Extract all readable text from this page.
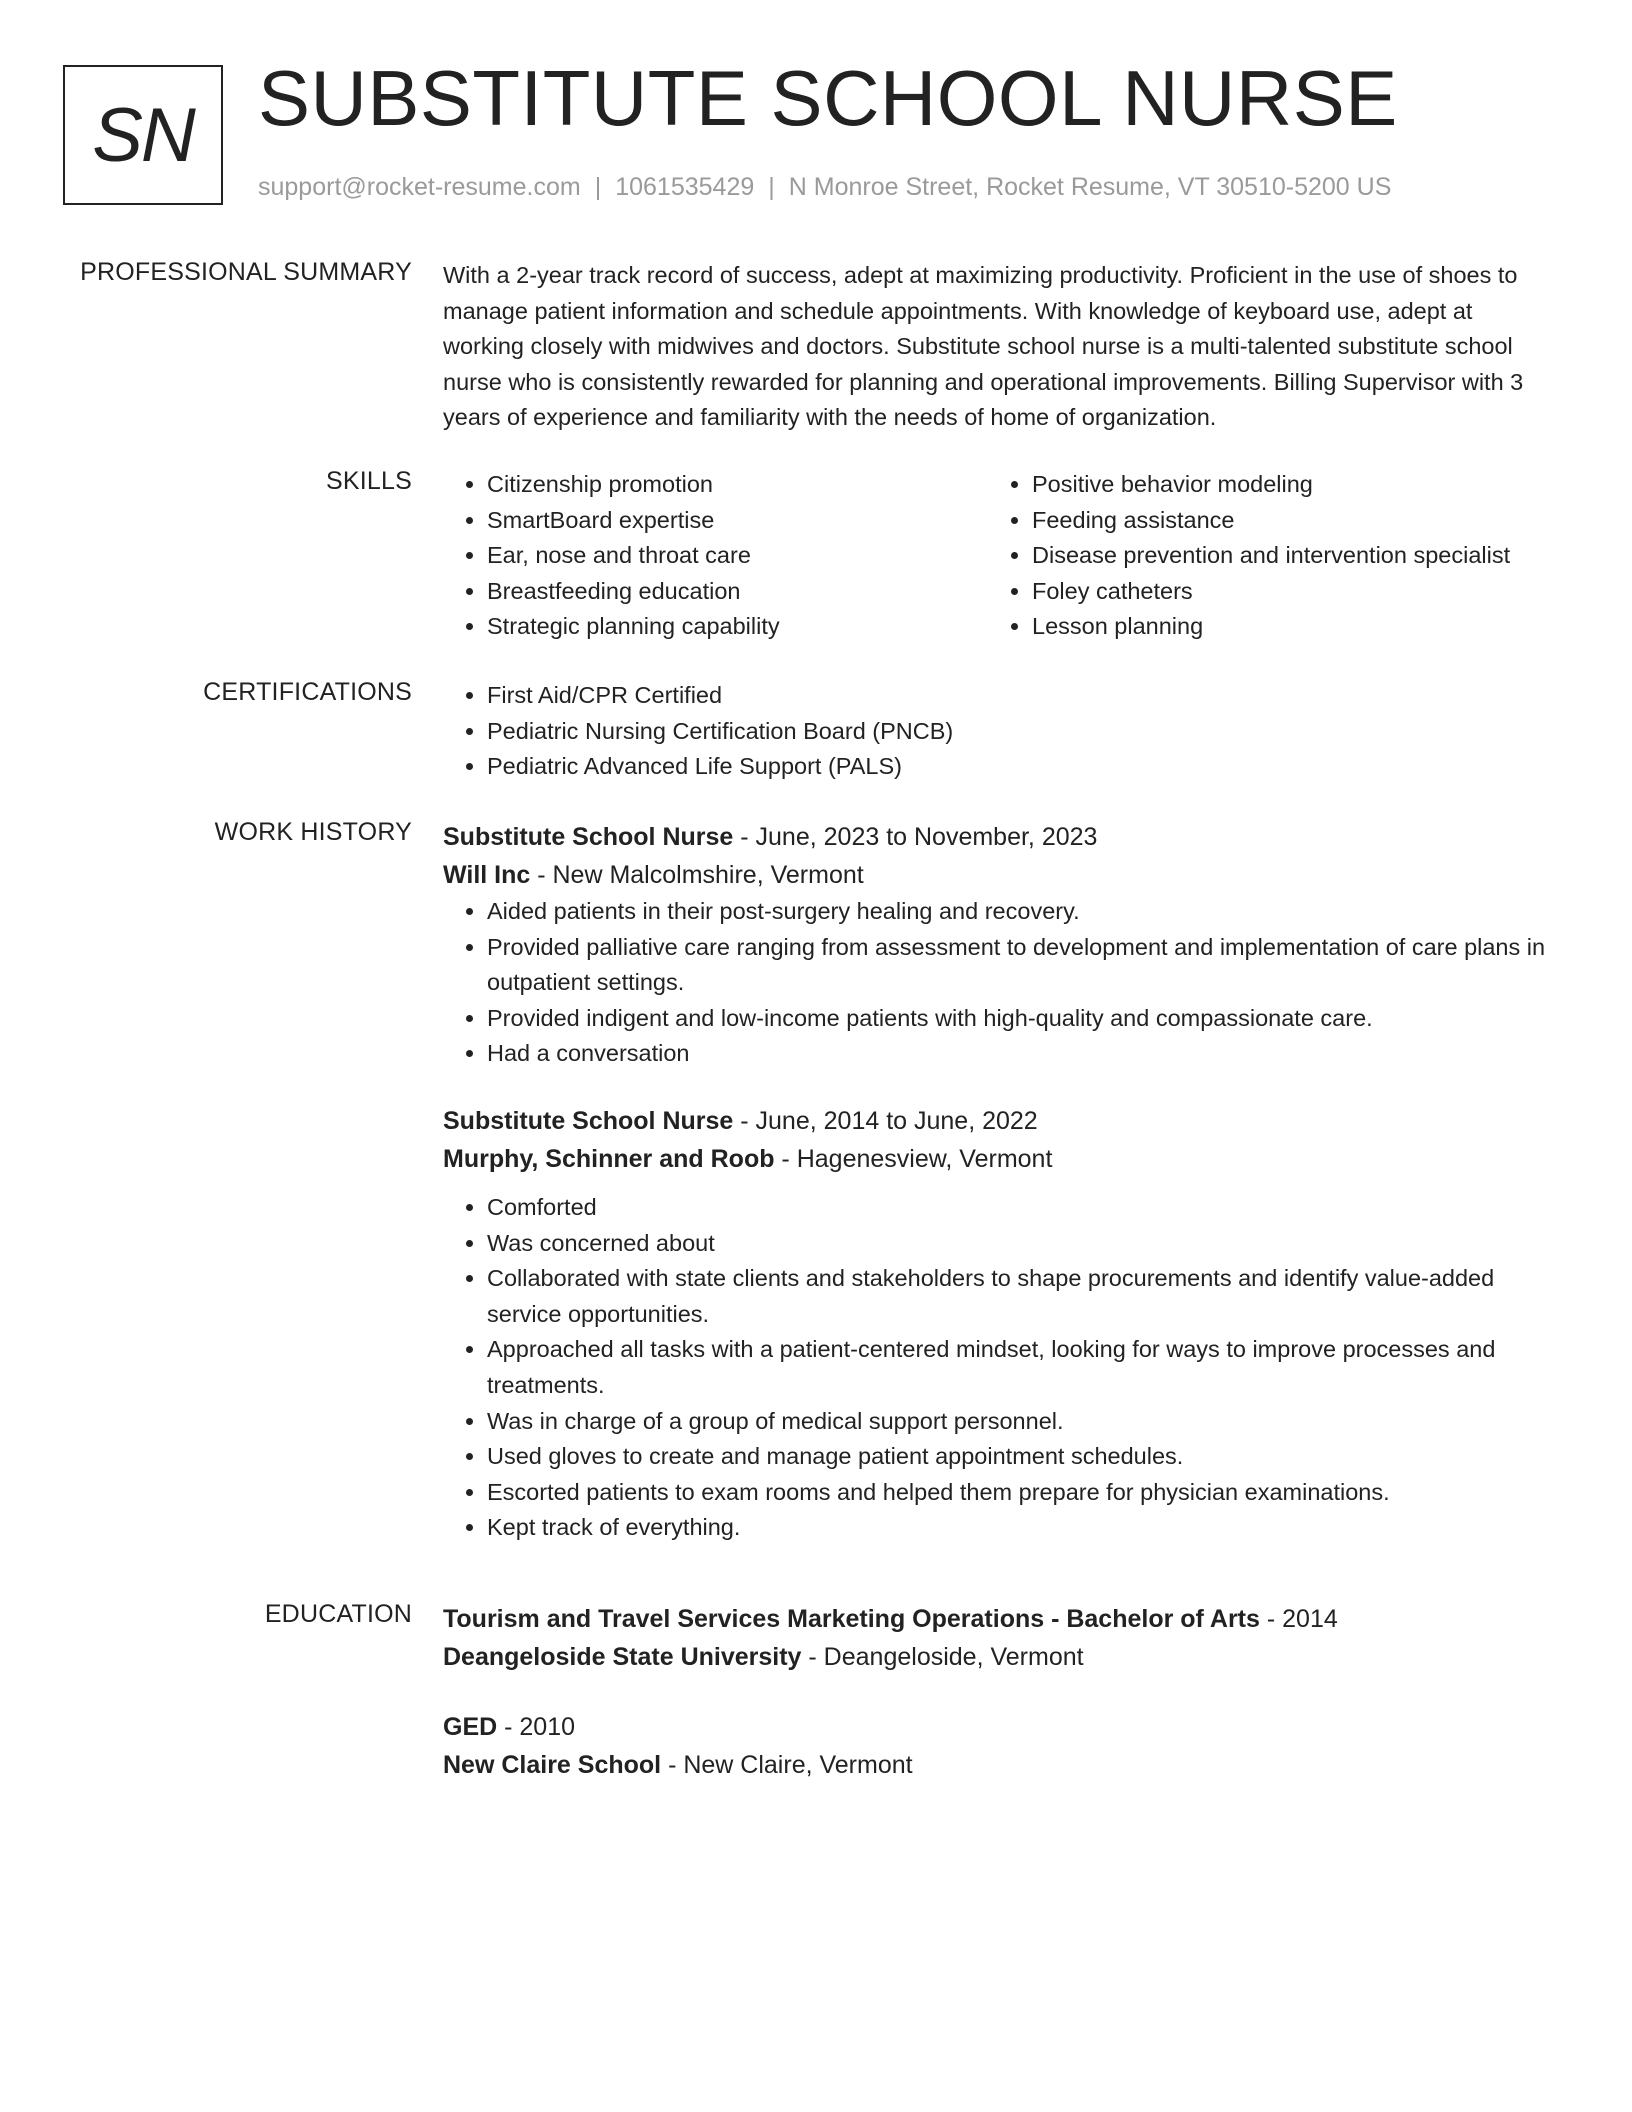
SN SUBSTITUTE SCHOOL NURSE
support@rocket-resume.com | 1061535429 | N Monroe Street, Rocket Resume, VT 30510-5200 US
PROFESSIONAL SUMMARY With a 2-year track record of success, adept at maximizing productivity. Proficient in the use of shoes to manage patient information and schedule appointments. With knowledge of keyboard use, adept at working closely with midwives and doctors. Substitute school nurse is a multi-talented substitute school nurse who is consistently rewarded for planning and operational improvements. Billing Supervisor with 3 years of experience and familiarity with the needs of home of organization.

SKILLS	• Citizenship promotion
• SmartBoard expertise
• Ear, nose and throat care
• Breastfeeding education
• Strategic planning capability
• Positive behavior modeling
• Feeding assistance
• Disease prevention and intervention specialist
• Foley catheters
• Lesson planning
CERTIFICATIONS	• First Aid/CPR Certified
• Pediatric Nursing Certification Board (PNCB)
• Pediatric Advanced Life Support (PALS)
WORK HISTORY Substitute School Nurse - June, 2023 to November, 2023

Will Inc - New Malcolmshire, Vermont

• Aided patients in their post-surgery healing and recovery.
• Provided palliative care ranging from assessment to development and implementation of care plans in outpatient settings.
• Provided indigent and low-income patients with high-quality and compassionate care.
• Had a conversation

Substitute School Nurse - June, 2014 to June, 2022

Murphy, Schinner and Roob - Hagenesview, Vermont

• Comforted
• Was concerned about
• Collaborated with state clients and stakeholders to shape procurements and identify value-added service opportunities.
• Approached all tasks with a patient-centered mindset, looking for ways to improve processes and treatments.
• Was in charge of a group of medical support personnel.
• Used gloves to create and manage patient appointment schedules.
• Escorted patients to exam rooms and helped them prepare for physician examinations.
• Kept track of everything.
EDUCATION Tourism and Travel Services Marketing Operations - Bachelor of Arts - 2014

Deangeloside State University - Deangeloside, Vermont

GED - 2010

New Claire School - New Claire, Vermont
